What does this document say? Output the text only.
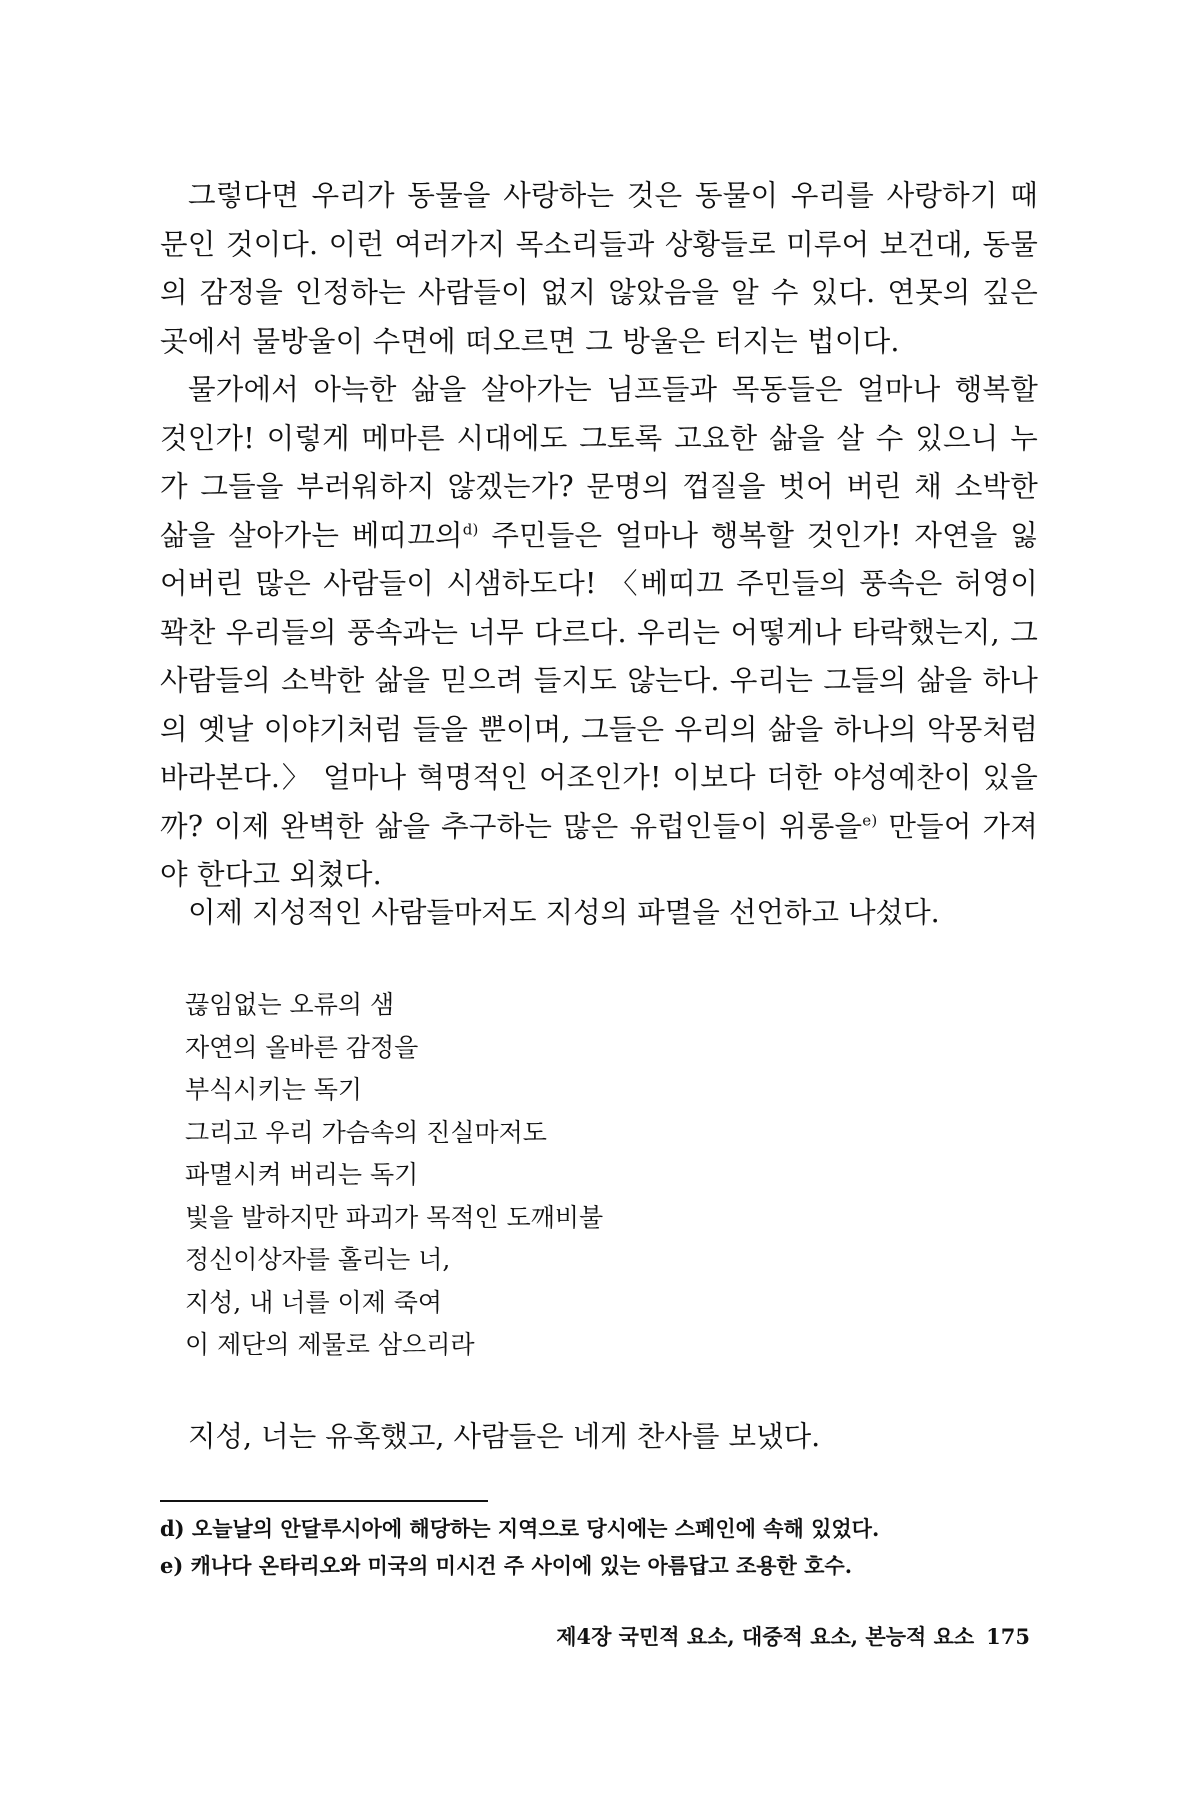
그렇다면 우리가 동물을 사랑하는 것은 동물이 우리를 사랑하기 때문인 것이다. 이런 여러가지 목소리들과 상황들로 미루어 보건대, 동물의 감정을 인정하는 사람들이 없지 않았음을 알 수 있다. 연못의 깊은 곳에서 물방울이 수면에 떠오르면 그 방울은 터지는 법이다.

물가에서 아늑한 삶을 살아가는 님프들과 목동들은 얼마나 행복할 것인가! 이렇게 메마른 시대에도 그토록 고요한 삶을 살 수 있으니 누가 그들을 부러워하지 않겠는가? 문명의 껍질을 벗어 버린 채 소박한 삶을 살아가는 베띠끄의$^{d)}$ 주민들은 얼마나 행복할 것인가! 자연을 잃어버린 많은 사람들이 시샘하도다! 〈베띠끄 주민들의 풍속은 허영이 꽉찬 우리들의 풍속과는 너무 다르다. 우리는 어떻게나 타락했는지, 그 사람들의 소박한 삶을 믿으려 들지도 않는다. 우리는 그들의 삶을 하나의 옛날 이야기처럼 들을 뿐이며, 그들은 우리의 삶을 하나의 악몽처럼 바라본다.〉 얼마나 혁명적인 어조인가! 이보다 더한 야성예찬이 있을까? 이제 완벽한 삶을 추구하는 많은 유럽인들이 위롱을$^{e)}$ 만들어 가져야 한다고 외쳤다.

이제 지성적인 사람들마저도 지성의 파멸을 선언하고 나섰다.

끊임없는 오류의 샘
자연의 올바른 감정을
부식시키는 독기
그리고 우리 가슴속의 진실마저도
파멸시켜 버리는 독기
빛을 발하지만 파괴가 목적인 도깨비불
정신이상자를 홀리는 너,
지성, 내 너를 이제 죽여
이 제단의 제물로 삼으리라

지성, 너는 유혹했고, 사람들은 네게 찬사를 보냈다.

d) 오늘날의 안달루시아에 해당하는 지역으로 당시에는 스페인에 속해 있었다.
e) 캐나다 온타리오와 미국의 미시건 주 사이에 있는 아름답고 조용한 호수.
제4장 국민적 요소, 대중적 요소, 본능적 요소 175
